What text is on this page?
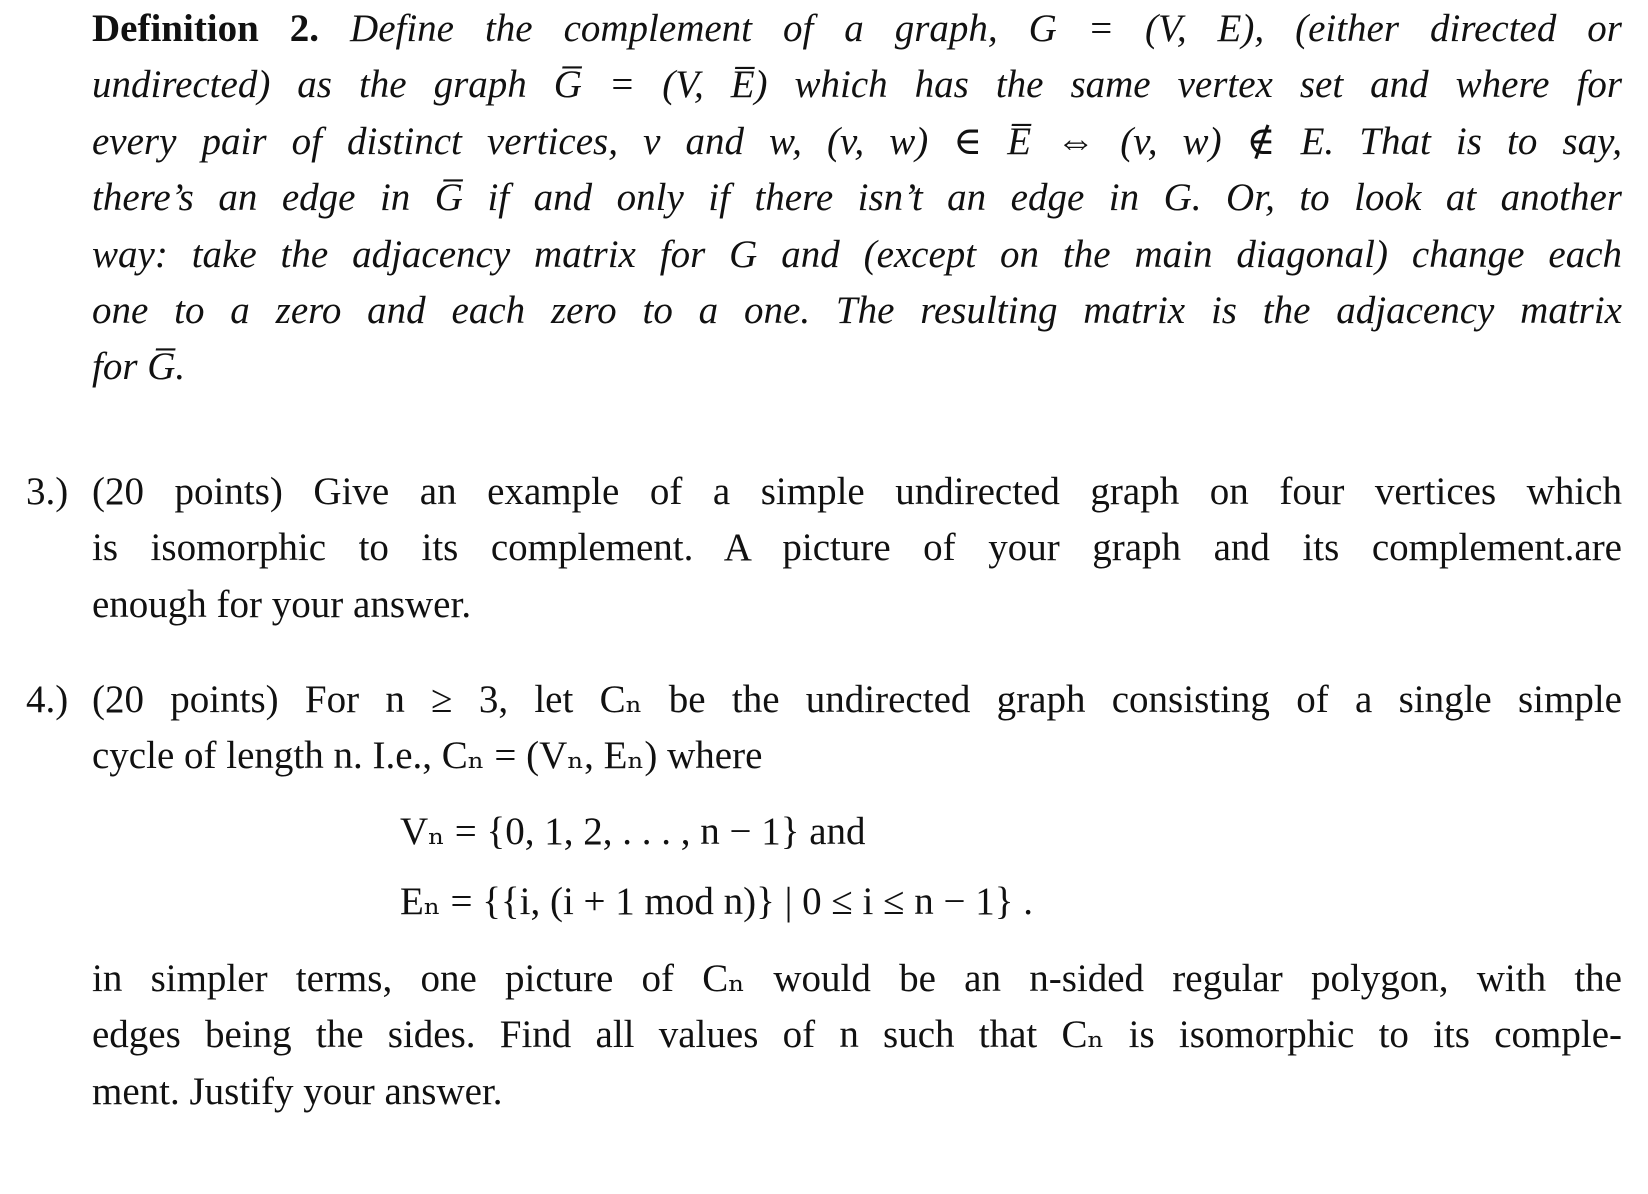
Definition 2. Define the complement of a graph, G = (V, E), (either directed or
undirected) as the graph G̅ = (V, E̅) which has the same vertex set and where for
every pair of distinct vertices, v and w, (v, w) ∈ E̅ ⇔ (v, w) ∉ E. That is to say,
there’s an edge in G̅ if and only if there isn’t an edge in G. Or, to look at another
way: take the adjacency matrix for G and (except on the main diagonal) change each
one to a zero and each zero to a one. The resulting matrix is the adjacency matrix
for G̅.
3.) (20 points) Give an example of a simple undirected graph on four vertices which
is isomorphic to its complement. A picture of your graph and its complement.are
enough for your answer.
4.) (20 points) For n ≥ 3, let Cₙ be the undirected graph consisting of a single simple
cycle of length n. I.e., Cₙ = (Vₙ, Eₙ) where
Vₙ = {0, 1, 2, . . . , n − 1} and
Eₙ = {{i, (i + 1 mod n)} | 0 ≤ i ≤ n − 1} .
in simpler terms, one picture of Cₙ would be an n-sided regular polygon, with the
edges being the sides. Find all values of n such that Cₙ is isomorphic to its comple-
ment. Justify your answer.
